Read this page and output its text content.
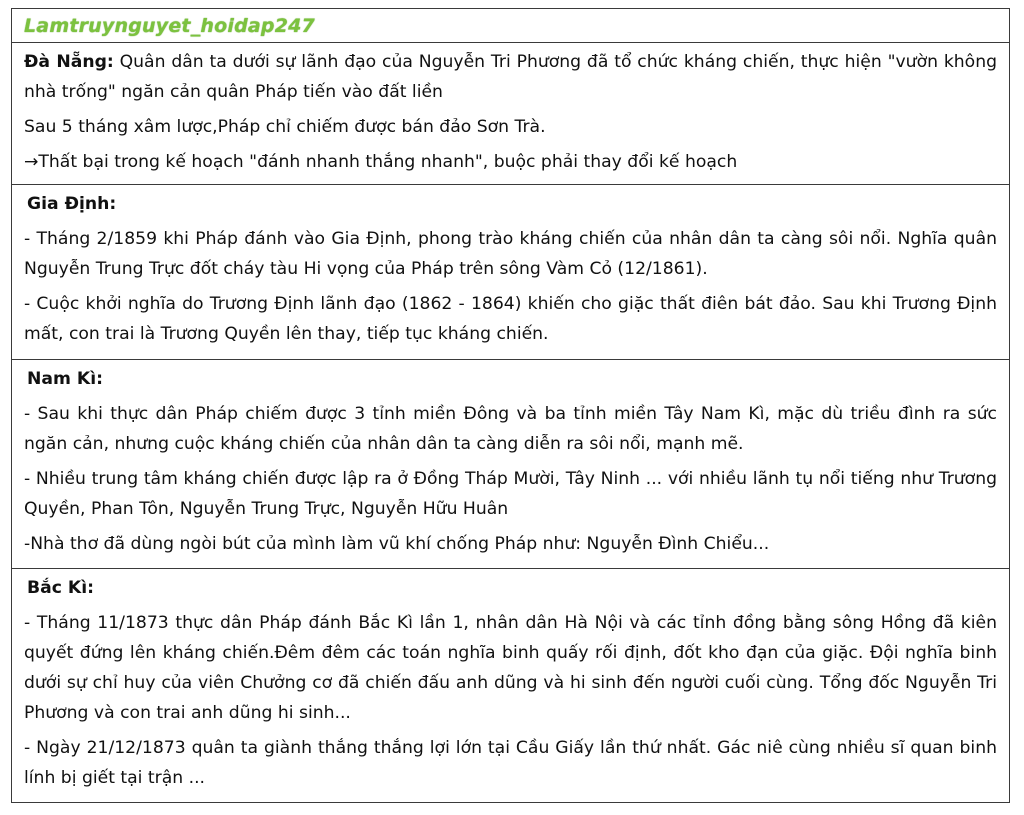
Lamtruynguyet_hoidap247

Đà Nẵng: Quân dân ta dưới sự lãnh đạo của Nguyễn Tri Phương đã tổ chức kháng chiến, thực hiện "vườn không nhà trống" ngăn cản quân Pháp tiến vào đất liền

Sau 5 tháng xâm lược,Pháp chỉ chiếm được bán đảo Sơn Trà.

→Thất bại trong kế hoạch "đánh nhanh thắng nhanh", buộc phải thay đổi kế hoạch

Gia Định:

- Tháng 2/1859 khi Pháp đánh vào Gia Định, phong trào kháng chiến của nhân dân ta càng sôi nổi. Nghĩa quân Nguyễn Trung Trực đốt cháy tàu Hi vọng của Pháp trên sông Vàm Cỏ (12/1861).

- Cuộc khởi nghĩa do Trương Định lãnh đạo (1862 - 1864) khiến cho giặc thất điên bát đảo. Sau khi Trương Định mất, con trai là Trương Quyền lên thay, tiếp tục kháng chiến.

Nam Kì:

- Sau khi thực dân Pháp chiếm được 3 tỉnh miền Đông và ba tỉnh miền Tây Nam Kì, mặc dù triều đình ra sức ngăn cản, nhưng cuộc kháng chiến của nhân dân ta càng diễn ra sôi nổi, mạnh mẽ.

- Nhiều trung tâm kháng chiến được lập ra ở Đồng Tháp Mười, Tây Ninh ... với nhiều lãnh tụ nổi tiếng như Trương Quyền, Phan Tôn, Nguyễn Trung Trực, Nguyễn Hữu Huân

-Nhà thơ đã dùng ngòi bút của mình làm vũ khí chống Pháp như: Nguyễn Đình Chiểu...

Bắc Kì:

- Tháng 11/1873 thực dân Pháp đánh Bắc Kì lần 1, nhân dân Hà Nội và các tỉnh đồng bằng sông Hồng đã kiên quyết đứng lên kháng chiến.Đêm đêm các toán nghĩa binh quấy rối định, đốt kho đạn của giặc. Đội nghĩa binh dưới sự chỉ huy của viên Chưởng cơ đã chiến đấu anh dũng và hi sinh đến người cuối cùng. Tổng đốc Nguyễn Tri Phương và con trai anh dũng hi sinh...

- Ngày 21/12/1873 quân ta giành thắng thắng lợi lớn tại Cầu Giấy lần thứ nhất. Gác niê cùng nhiều sĩ quan binh lính bị giết tại trận ...
